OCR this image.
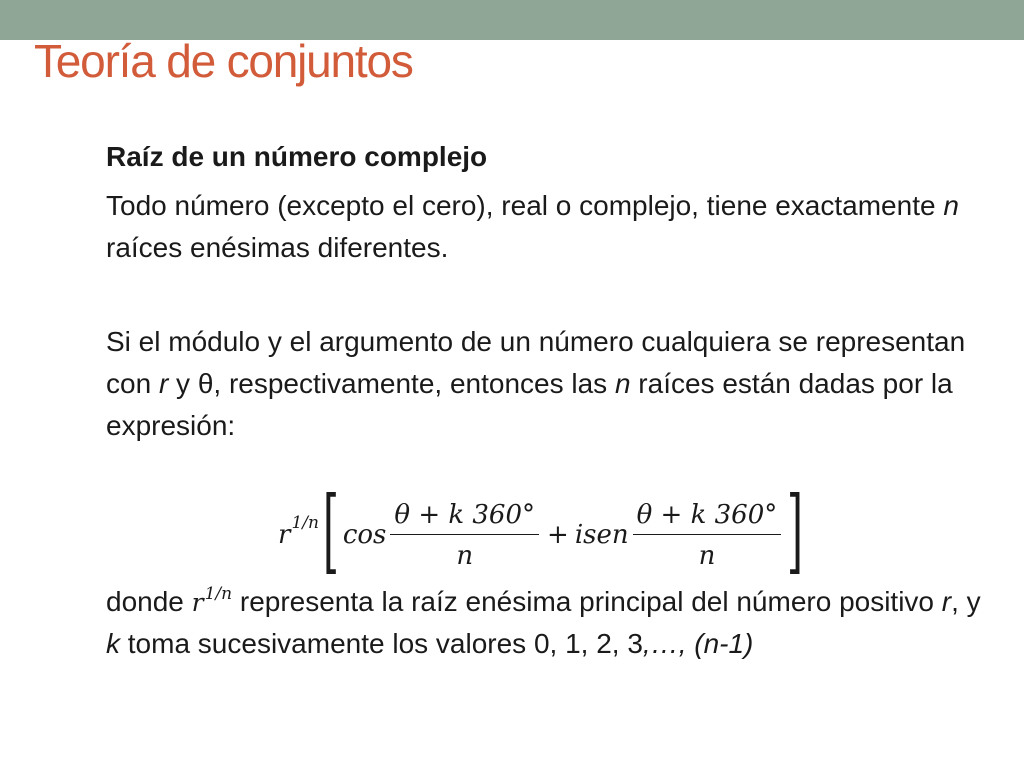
Teoría de conjuntos
Raíz de un número complejo
Todo número (excepto el cero), real o complejo, tiene exactamente n raíces enésimas diferentes.
Si el módulo y el argumento de un número cualquiera se representan con r y θ, respectivamente, entonces las n raíces están dadas por la expresión:
r 1/n [ $\cos \frac{\theta + k 360^\circ}{n}$ + isen $\frac{\theta + k 360^\circ}{n}$ ]
donde $r^{1/n}$ representa la raíz enésima principal del número positivo r, y k toma sucesivamente los valores 0, 1, 2, 3,…, (n-1)
